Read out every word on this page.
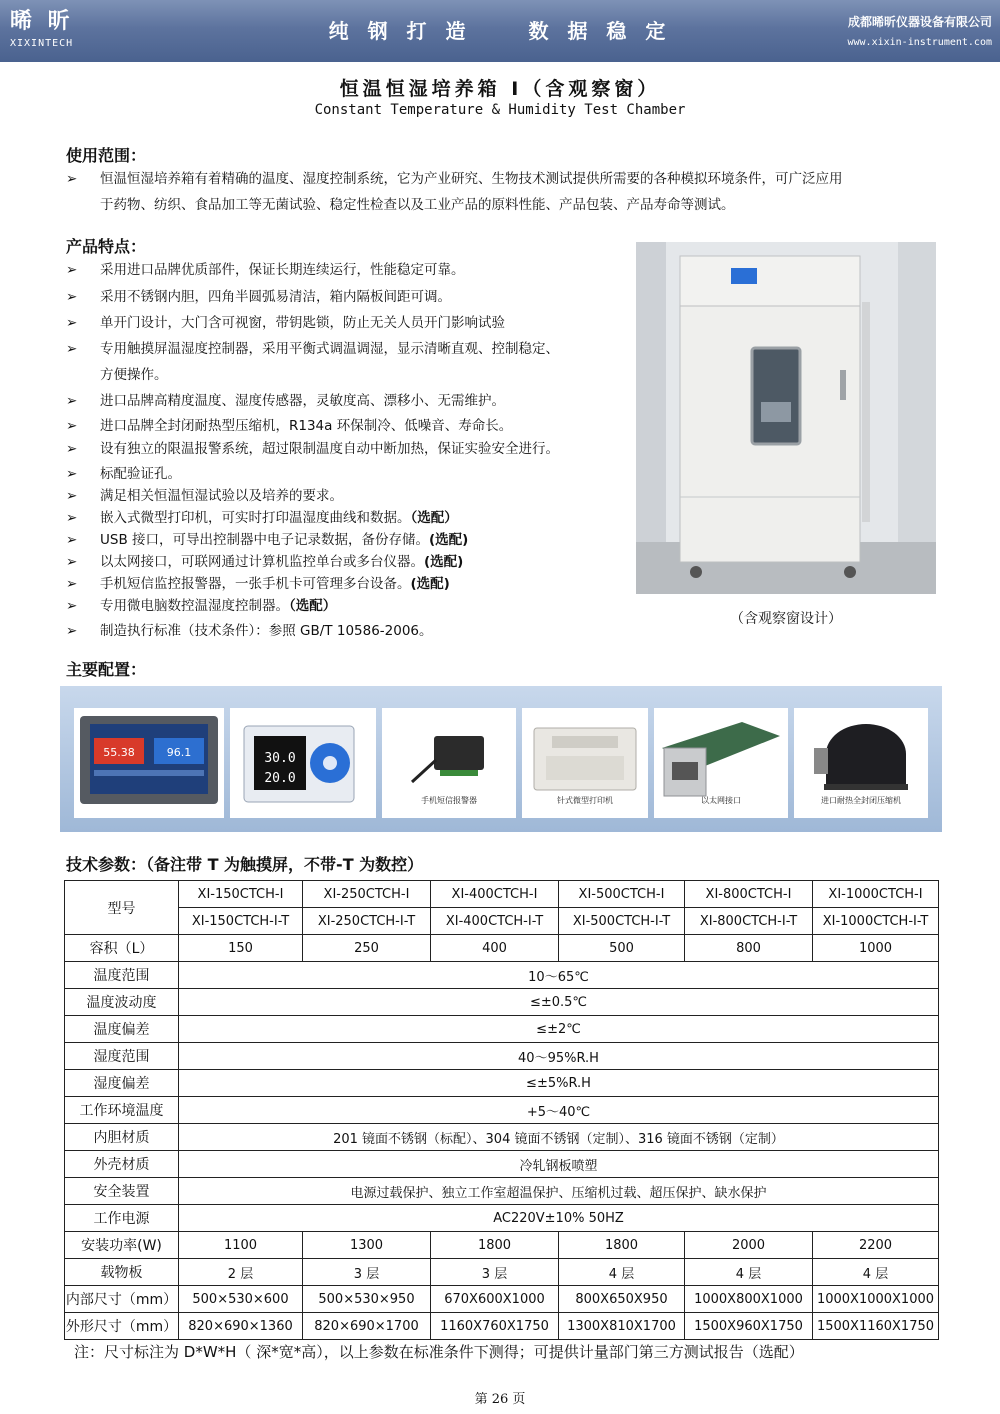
晞 昕
XIXINTECH
纯 钢 打 造	数 据 稳 定	成都晞昕仪器设备有限公司
www.xixin-instrument.com
恒温恒湿培养箱 Ⅰ（含观察窗）
Constant Temperature & Humidity Test Chamber
使用范围：
➢ 恒温恒湿培养箱有着精确的温度、湿度控制系统，它为产业研究、生物技术测试提供所需要的各种模拟环境条件，可广泛应用
于药物、纺织、食品加工等无菌试验、稳定性检查以及工业产品的原料性能、产品包装、产品寿命等测试。
产品特点：
➢ 采用进口品牌优质部件，保证长期连续运行，性能稳定可靠。
➢ 采用不锈钢内胆，四角半圆弧易清洁，箱内隔板间距可调。
➢ 单开门设计，大门含可视窗，带钥匙锁，防止无关人员开门影响试验
➢ 专用触摸屏温湿度控制器，采用平衡式调温调湿，显示清晰直观、控制稳定、
➢ 进口品牌高精度温度、湿度传感器，灵敏度高、漂移小、无需维护。
➢ 进口品牌全封闭耐热型压缩机，R134a 环保制冷、低噪音、寿命长。
➢ 设有独立的限温报警系统，超过限制温度自动中断加热，保证实验安全进行。
➢ 标配验证孔。
➢ 满足相关恒温恒湿试验以及培养的要求。
➢ 嵌入式微型打印机，可实时打印温湿度曲线和数据。（选配）
➢ USB 接口，可导出控制器中电子记录数据，备份存储。(选配)
➢ 以太网接口，可联网通过计算机监控单台或多台仪器。(选配)
➢ 手机短信监控报警器，一张手机卡可管理多台设备。(选配)
➢ 专用微电脑数控温湿度控制器。（选配）
➢ 制造执行标准（技术条件）：参照 GB/T 10586-2006。
方便操作。
（含观察窗设计）
主要配置：
55.38	96.1	30.0
20.0
手机短信报警器	针式微型打印机	以太网接口	进口耐热全封闭压缩机
技术参数：（备注带 T 为触摸屏，不带-T 为数控）
型号	XI-150CTCH-Ⅰ	XI-250CTCH-Ⅰ	XI-400CTCH-Ⅰ	XI-500CTCH-Ⅰ	XI-800CTCH-Ⅰ	XI-1000CTCH-Ⅰ
	XI-150CTCH-Ⅰ-T	XI-250CTCH-Ⅰ-T	XI-400CTCH-Ⅰ-T	XI-500CTCH-Ⅰ-T	XI-800CTCH-Ⅰ-T	XI-1000CTCH-Ⅰ-T
容积（L）	150	250	400	500	800	1000
温度范围	10～65℃					
温度波动度	≤±0.5℃					
温度偏差	≤±2℃					
湿度范围	40～95%R.H					
湿度偏差	≤±5%R.H					
工作环境温度	+5～40℃					
内胆材质	201 镜面不锈钢（标配）、304 镜面不锈钢（定制）、316 镜面不锈钢（定制）					
外壳材质	冷轧钢板喷塑					
安全装置	电源过载保护、独立工作室超温保护、压缩机过载、超压保护、缺水保护					
工作电源	AC220V±10% 50HZ					
安装功率(W)	1100	1300	1800	1800	2000	2200
载物板	2 层	3 层	3 层	4 层	4 层	4 层
内部尺寸（mm）	500×530×600	500×530×950	670X600X1000	800X650X950	1000X800X1000	1000X1000X1000
外形尺寸（mm）	820×690×1360	820×690×1700	1160X760X1750	1300X810X1700	1500X960X1750	1500X1160X1750
注：尺寸标注为 D*W*H（ 深*宽*高），以上参数在标准条件下测得；可提供计量部门第三方测试报告（选配）
第 26 页
